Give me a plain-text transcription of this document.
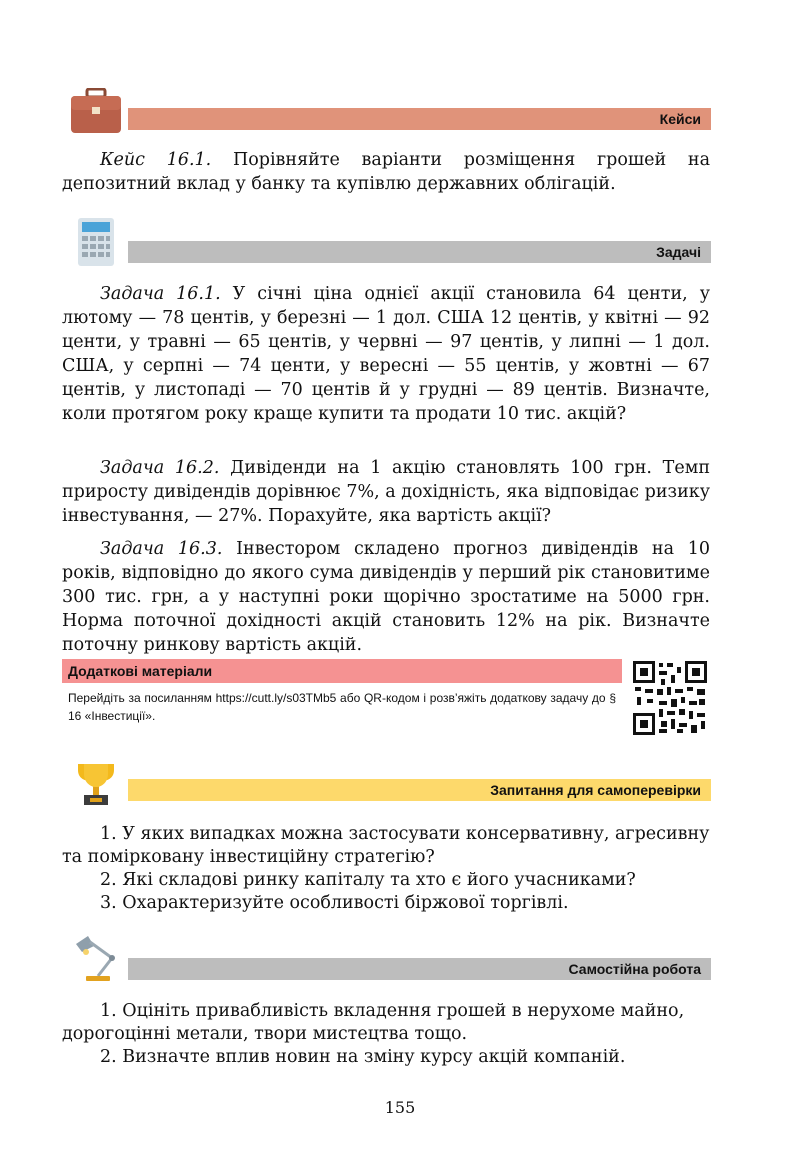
Кейси

Кейс 16.1. Порівняйте варіанти розміщення грошей на депозитний вклад у банку та купівлю державних облігацій.

Задачі

Задача 16.1. У січні ціна однієї акції становила 64 центи, у лютому — 78 центів, у березні — 1 дол. США 12 центів, у квітні — 92 центи, у травні — 65 центів, у червні — 97 центів, у липні — 1 дол. США, у серпні — 74 центи, у вересні — 55 центів, у жовтні — 67 центів, у листопаді — 70 центів й у грудні — 89 центів. Визначте, коли протягом року краще купити та продати 10 тис. акцій?

Задача 16.2. Дивіденди на 1 акцію становлять 100 грн. Темп приросту дивідендів дорівнює 7%, а дохідність, яка відповідає ризику інвестування, — 27%. Порахуйте, яка вартість акції?

Задача 16.3. Інвестором складено прогноз дивідендів на 10 років, відповідно до якого сума дивідендів у перший рік становитиме 300 тис. грн, а у наступні роки щорічно зростатиме на 5000 грн. Норма поточної дохідності акцій становить 12% на рік. Визначте поточну ринкову вартість акцій.

Додаткові матеріали
Перейдіть за посиланням https://cutt.ly/s03TMb5 або QR-кодом і розв’яжіть додаткову задачу до § 16 «Інвестиції».
Запитання для самоперевірки
1. У яких випадках можна застосувати консервативну, агресивну та помірковану інвестиційну стратегію?
2. Які складові ринку капіталу та хто є його учасниками?
3. Охарактеризуйте особливості біржової торгівлі.
Самостійна робота
1. Оцініть привабливість вкладення грошей в нерухоме майно, дорогоцінні метали, твори мистецтва тощо.
2. Визначте вплив новин на зміну курсу акцій компаній.
155
